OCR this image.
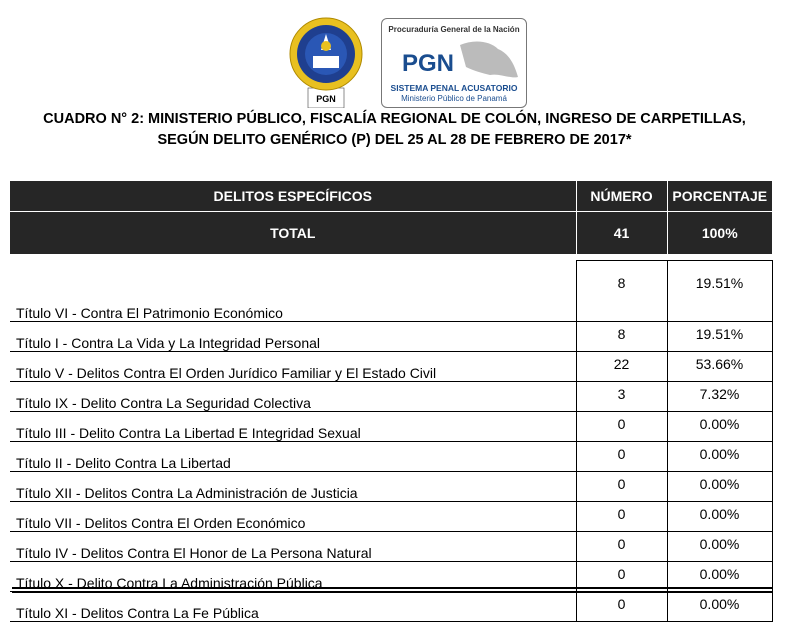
PGN
Procuraduría General de la Nación
PGN
SISTEMA PENAL ACUSATORIO
Ministerio Público de Panamá
CUADRO N° 2: MINISTERIO PÚBLICO, FISCALÍA REGIONAL DE COLÓN, INGRESO DE CARPETILLAS,
SEGÚN DELITO GENÉRICO (P) DEL 25 AL 28 DE FEBRERO DE 2017*
DELITOS ESPECÍFICOS	NÚMERO	PORCENTAJE
TOTAL	41	100%

Título VI - Contra El Patrimonio Económico	8	19.51%
Título I - Contra La Vida y La Integridad Personal	8	19.51%
Título V - Delitos Contra El Orden Jurídico Familiar y El Estado Civil	22	53.66%
Título IX - Delito Contra La Seguridad Colectiva	3	7.32%
Título III - Delito Contra La Libertad E Integridad Sexual	0	0.00%
Título II - Delito Contra La Libertad	0	0.00%
Título XII - Delitos Contra La Administración de Justicia	0	0.00%
Título VII - Delitos Contra El Orden Económico	0	0.00%
Título IV - Delitos Contra El Honor de La Persona Natural	0	0.00%
Título X - Delito Contra La Administración Pública	0	0.00%
Título XI - Delitos Contra La Fe Pública	0	0.00%
